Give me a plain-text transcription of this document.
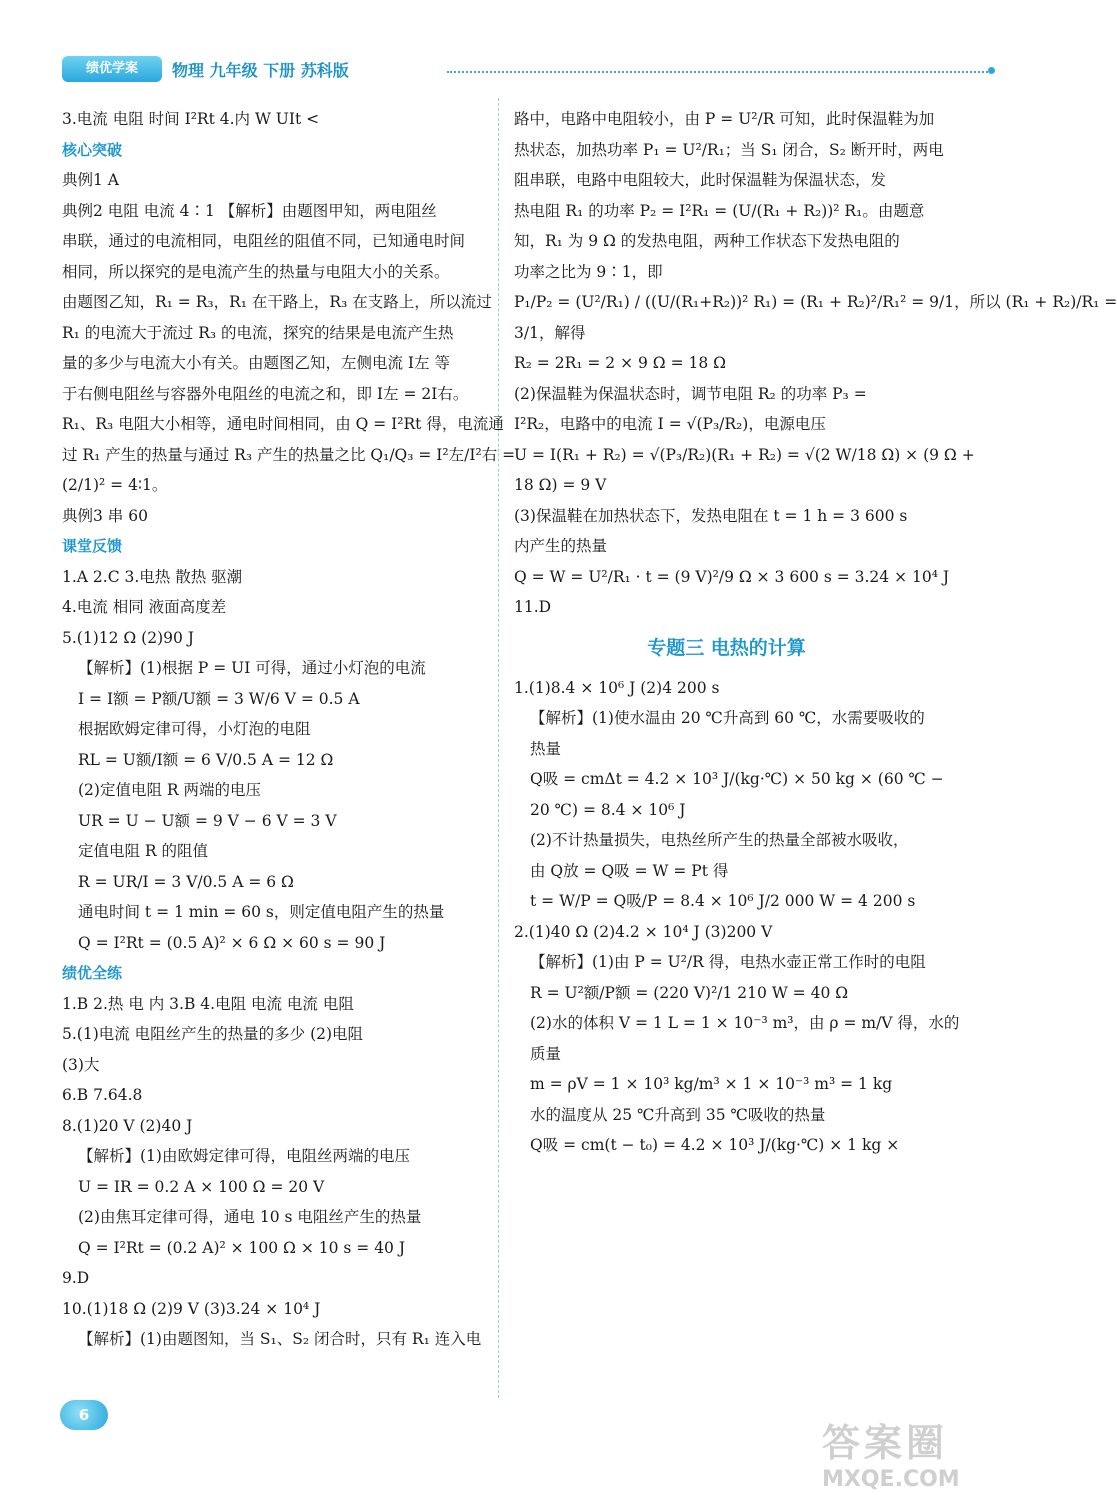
绩优学案	物理 九年级 下册 苏科版
3.电流 电阻 时间 I²Rt 4.内 W UIt <
核心突破
典例1 A
典例2 电阻 电流 4∶1 【解析】由题图甲知，两电阻丝
串联，通过的电流相同，电阻丝的阻值不同，已知通电时间
相同，所以探究的是电流产生的热量与电阻大小的关系。
由题图乙知，R₁ = R₃，R₁ 在干路上，R₃ 在支路上，所以流过
R₁ 的电流大于流过 R₃ 的电流，探究的结果是电流产生热
量的多少与电流大小有关。由题图乙知，左侧电流 I左 等
于右侧电阻丝与容器外电阻丝的电流之和，即 I左 = 2I右。
R₁、R₃ 电阻大小相等，通电时间相同，由 Q = I²Rt 得，电流通
过 R₁ 产生的热量与通过 R₃ 产生的热量之比 Q₁/Q₃ = I²左/I²右 =
(2/1)² = 4∶1。
典例3 串 60
课堂反馈
1.A 2.C 3.电热 散热 驱潮
4.电流 相同 液面高度差
5.(1)12 Ω (2)90 J
【解析】(1)根据 P = UI 可得，通过小灯泡的电流
I = I额 = P额/U额 = 3 W/6 V = 0.5 A
根据欧姆定律可得，小灯泡的电阻
RL = U额/I额 = 6 V/0.5 A = 12 Ω
(2)定值电阻 R 两端的电压
UR = U − U额 = 9 V − 6 V = 3 V
定值电阻 R 的阻值
R = UR/I = 3 V/0.5 A = 6 Ω
通电时间 t = 1 min = 60 s，则定值电阻产生的热量
Q = I²Rt = (0.5 A)² × 6 Ω × 60 s = 90 J
绩优全练
1.B 2.热 电 内 3.B 4.电阻 电流 电流 电阻
5.(1)电流 电阻丝产生的热量的多少 (2)电阻
(3)大
6.B 7.64.8
8.(1)20 V (2)40 J
【解析】(1)由欧姆定律可得，电阻丝两端的电压
U = IR = 0.2 A × 100 Ω = 20 V
(2)由焦耳定律可得，通电 10 s 电阻丝产生的热量
Q = I²Rt = (0.2 A)² × 100 Ω × 10 s = 40 J
9.D
10.(1)18 Ω (2)9 V (3)3.24 × 10⁴ J
【解析】(1)由题图知，当 S₁、S₂ 闭合时，只有 R₁ 连入电
路中，电路中电阻较小，由 P = U²/R 可知，此时保温鞋为加
热状态，加热功率 P₁ = U²/R₁；当 S₁ 闭合，S₂ 断开时，两电
阻串联，电路中电阻较大，此时保温鞋为保温状态，发
热电阻 R₁ 的功率 P₂ = I²R₁ = (U/(R₁ + R₂))² R₁。由题意
知，R₁ 为 9 Ω 的发热电阻，两种工作状态下发热电阻的
功率之比为 9∶1，即
P₁/P₂ = (U²/R₁) / ((U/(R₁+R₂))² R₁) = (R₁ + R₂)²/R₁² = 9/1，所以 (R₁ + R₂)/R₁ =
3/1，解得
R₂ = 2R₁ = 2 × 9 Ω = 18 Ω
(2)保温鞋为保温状态时，调节电阻 R₂ 的功率 P₃ =
I²R₂，电路中的电流 I = √(P₃/R₂)，电源电压
U = I(R₁ + R₂) = √(P₃/R₂)(R₁ + R₂) = √(2 W/18 Ω) × (9 Ω +
18 Ω) = 9 V
(3)保温鞋在加热状态下，发热电阻在 t = 1 h = 3 600 s
内产生的热量
Q = W = U²/R₁ · t = (9 V)²/9 Ω × 3 600 s = 3.24 × 10⁴ J
11.D
专题三 电热的计算
1.(1)8.4 × 10⁶ J (2)4 200 s
【解析】(1)使水温由 20 ℃升高到 60 ℃，水需要吸收的
热量
Q吸 = cmΔt = 4.2 × 10³ J/(kg·℃) × 50 kg × (60 ℃ −
20 ℃) = 8.4 × 10⁶ J
(2)不计热量损失，电热丝所产生的热量全部被水吸收，
由 Q放 = Q吸 = W = Pt 得
t = W/P = Q吸/P = 8.4 × 10⁶ J/2 000 W = 4 200 s
2.(1)40 Ω (2)4.2 × 10⁴ J (3)200 V
【解析】(1)由 P = U²/R 得，电热水壶正常工作时的电阻
R = U²额/P额 = (220 V)²/1 210 W = 40 Ω
(2)水的体积 V = 1 L = 1 × 10⁻³ m³，由 ρ = m/V 得，水的
质量
m = ρV = 1 × 10³ kg/m³ × 1 × 10⁻³ m³ = 1 kg
水的温度从 25 ℃升高到 35 ℃吸收的热量
Q吸 = cm(t − t₀) = 4.2 × 10³ J/(kg·℃) × 1 kg ×
6
答案圈
MXQE.COM
